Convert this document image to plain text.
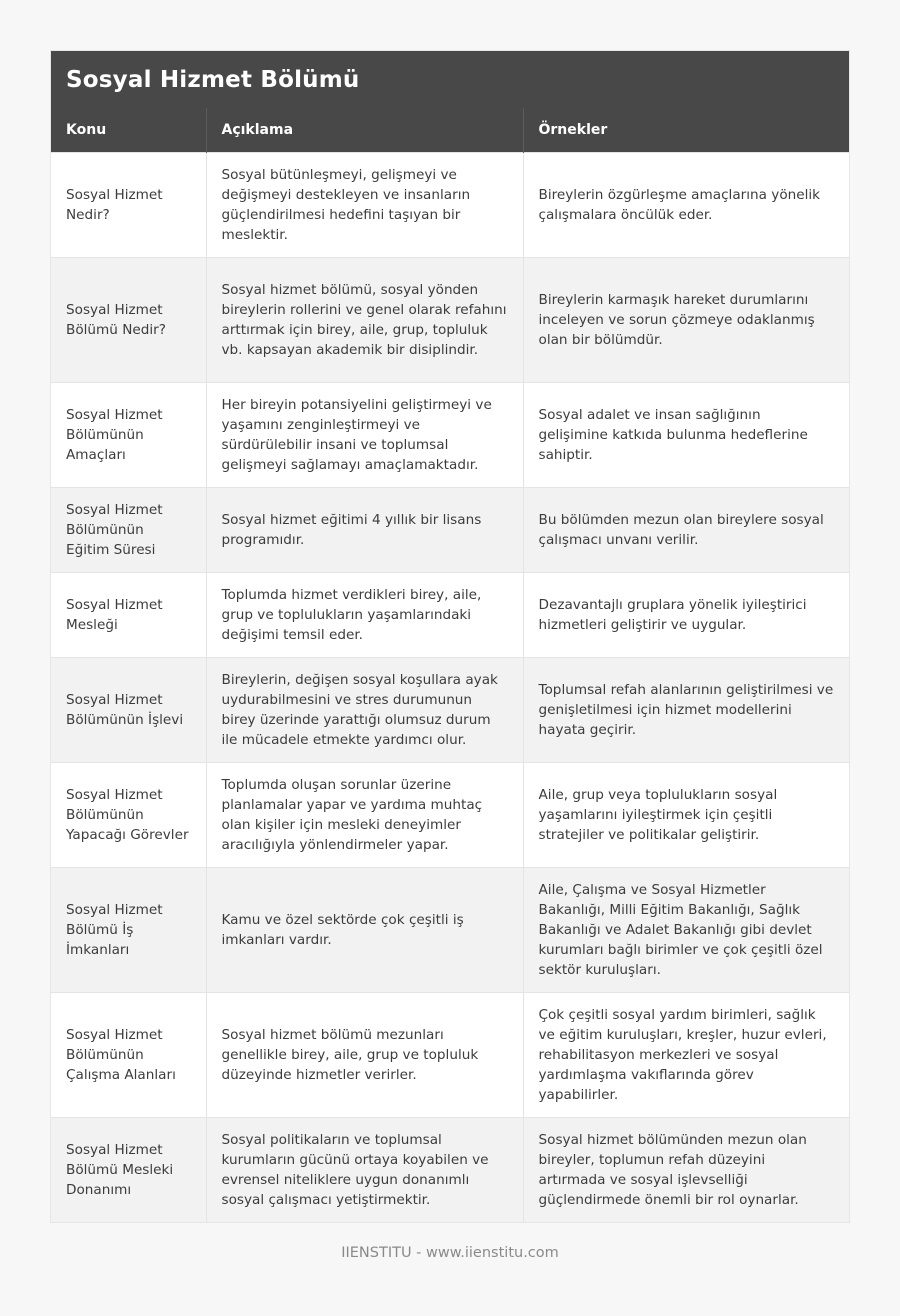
Sosyal Hizmet Bölümü
Konu	Açıklama	Örnekler
Sosyal Hizmet Nedir?	Sosyal bütünleşmeyi, gelişmeyi ve değişmeyi destekleyen ve insanların güçlendirilmesi hedefini taşıyan bir meslektir.	Bireylerin özgürleşme amaçlarına yönelik çalışmalara öncülük eder.
Sosyal Hizmet Bölümü Nedir?	Sosyal hizmet bölümü, sosyal yönden bireylerin rollerini ve genel olarak refahını arttırmak için birey, aile, grup, topluluk vb. kapsayan akademik bir disiplindir.	Bireylerin karmaşık hareket durumlarını inceleyen ve sorun çözmeye odaklanmış olan bir bölümdür.
Sosyal Hizmet Bölümünün Amaçları	Her bireyin potansiyelini geliştirmeyi ve yaşamını zenginleştirmeyi ve sürdürülebilir insani ve toplumsal gelişmeyi sağlamayı amaçlamaktadır.	Sosyal adalet ve insan sağlığının gelişimine katkıda bulunma hedeflerine sahiptir.
Sosyal Hizmet Bölümünün Eğitim Süresi	Sosyal hizmet eğitimi 4 yıllık bir lisans programıdır.	Bu bölümden mezun olan bireylere sosyal çalışmacı unvanı verilir.
Sosyal Hizmet Mesleği	Toplumda hizmet verdikleri birey, aile, grup ve toplulukların yaşamlarındaki değişimi temsil eder.	Dezavantajlı gruplara yönelik iyileştirici hizmetleri geliştirir ve uygular.
Sosyal Hizmet Bölümünün İşlevi	Bireylerin, değişen sosyal koşullara ayak uydurabilmesini ve stres durumunun birey üzerinde yarattığı olumsuz durum ile mücadele etmekte yardımcı olur.	Toplumsal refah alanlarının geliştirilmesi ve genişletilmesi için hizmet modellerini hayata geçirir.
Sosyal Hizmet Bölümünün Yapacağı Görevler	Toplumda oluşan sorunlar üzerine planlamalar yapar ve yardıma muhtaç olan kişiler için mesleki deneyimler aracılığıyla yönlendirmeler yapar.	Aile, grup veya toplulukların sosyal yaşamlarını iyileştirmek için çeşitli stratejiler ve politikalar geliştirir.
Sosyal Hizmet Bölümü İş İmkanları	Kamu ve özel sektörde çok çeşitli iş imkanları vardır.	Aile, Çalışma ve Sosyal Hizmetler Bakanlığı, Milli Eğitim Bakanlığı, Sağlık Bakanlığı ve Adalet Bakanlığı gibi devlet kurumları bağlı birimler ve çok çeşitli özel sektör kuruluşları.
Sosyal Hizmet Bölümünün Çalışma Alanları	Sosyal hizmet bölümü mezunları genellikle birey, aile, grup ve topluluk düzeyinde hizmetler verirler.	Çok çeşitli sosyal yardım birimleri, sağlık ve eğitim kuruluşları, kreşler, huzur evleri, rehabilitasyon merkezleri ve sosyal yardımlaşma vakıflarında görev yapabilirler.
Sosyal Hizmet Bölümü Mesleki Donanımı	Sosyal politikaların ve toplumsal kurumların gücünü ortaya koyabilen ve evrensel niteliklere uygun donanımlı sosyal çalışmacı yetiştirmektir.	Sosyal hizmet bölümünden mezun olan bireyler, toplumun refah düzeyini artırmada ve sosyal işlevselliği güçlendirmede önemli bir rol oynarlar.
IIENSTITU - www.iienstitu.com
